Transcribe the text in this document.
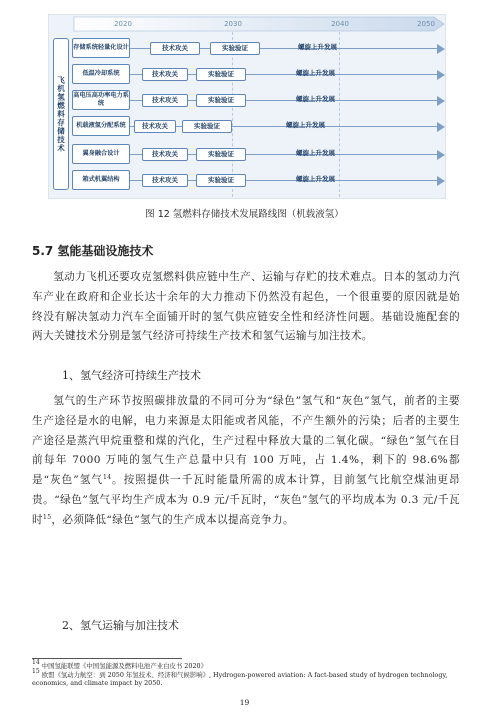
2020	2030	2040	2050
飞机氢燃料存储技术
存储系统轻量化设计	技术攻关	实验验证	螺旋上升发展
低温冷却系统	技术攻关	实验验证	螺旋上升发展
高电压高功率电力系统	技术攻关	实验验证	螺旋上升发展
机载液氢分配系统	技术攻关	实验验证	螺旋上升发展
翼身融合设计	技术攻关	实验验证	螺旋上升发展
箱式机翼结构	技术攻关	实验验证	螺旋上升发展
图 12 氢燃料存储技术发展路线图（机载液氢）
5.7 氢能基础设施技术
氢动力飞机还要攻克氢燃料供应链中生产、运输与存贮的技术难点。日本的氢动力汽车产业在政府和企业长达十余年的大力推动下仍然没有起色，一个很重要的原因就是始终没有解决氢动力汽车全面铺开时的氢气供应链安全性和经济性问题。基础设施配套的两大关键技术分别是氢气经济可持续生产技术和氢气运输与加注技术。
1、氢气经济可持续生产技术
氢气的生产环节按照碳排放量的不同可分为“绿色”氢气和“灰色”氢气，前者的主要生产途径是水的电解，电力来源是太阳能或者风能，不产生额外的污染；后者的主要生产途径是蒸汽甲烷重整和煤的汽化，生产过程中释放大量的二氧化碳。“绿色”氢气在目前每年 7000 万吨的氢气生产总量中只有 100 万吨，占 1.4%，剩下的 98.6%都是“灰色”氢气$^{14}$。按照提供一千瓦时能量所需的成本计算，目前氢气比航空煤油更昂贵。“绿色”氢气平均生产成本为 0.9 元/千瓦时，“灰色”氢气的平均成本为 0.3 元/千瓦时$^{15}$，必须降低“绿色”氢气的生产成本以提高竞争力。
2、氢气运输与加注技术
$^{14}$ 中国氢能联盟《中国氢能源及燃料电池产业白皮书 2020》
$^{15}$ 欧盟《氢动力航空：到 2050 年氢技术、经济和气候影响》, Hydrogen-powered aviation: A fact-based study of hydrogen technology, economics, and climate impact by 2050.
19
